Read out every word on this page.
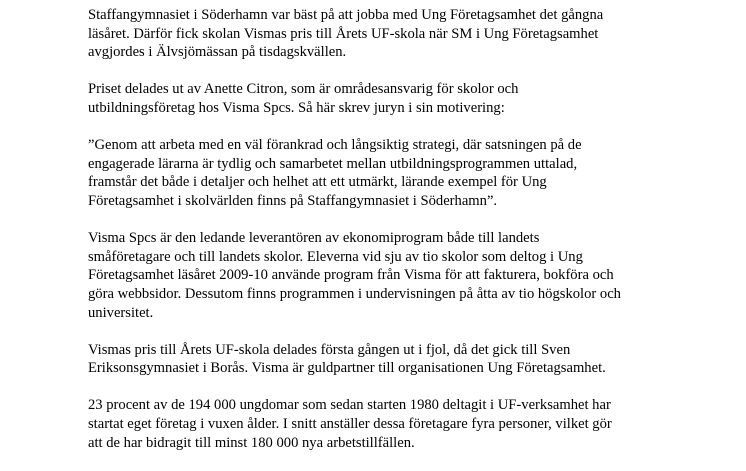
Staffangymnasiet i Söderhamn var bäst på att jobba med Ung Företagsamhet det gångna
läsåret. Därför fick skolan Vismas pris till Årets UF-skola när SM i Ung Företagsamhet
avgjordes i Älvsjömässan på tisdagskvällen.

Priset delades ut av Anette Citron, som är områdesansvarig för skolor och
utbildningsföretag hos Visma Spcs. Så här skrev juryn i sin motivering:

”Genom att arbeta med en väl förankrad och långsiktig strategi, där satsningen på de
engagerade lärarna är tydlig och samarbetet mellan utbildningsprogrammen uttalad,
framstår det både i detaljer och helhet att ett utmärkt, lärande exempel för Ung
Företagsamhet i skolvärlden finns på Staffangymnasiet i Söderhamn”.

Visma Spcs är den ledande leverantören av ekonomiprogram både till landets
småföretagare och till landets skolor. Eleverna vid sju av tio skolor som deltog i Ung
Företagsamhet läsåret 2009-10 använde program från Visma för att fakturera, bokföra och
göra webbsidor. Dessutom finns programmen i undervisningen på åtta av tio högskolor och
universitet.

Vismas pris till Årets UF-skola delades första gången ut i fjol, då det gick till Sven
Eriksonsgymnasiet i Borås. Visma är guldpartner till organisationen Ung Företagsamhet.

23 procent av de 194 000 ungdomar som sedan starten 1980 deltagit i UF-verksamhet har
startat eget företag i vuxen ålder. I snitt anställer dessa företagare fyra personer, vilket gör
att de har bidragit till minst 180 000 nya arbetstillfällen.
